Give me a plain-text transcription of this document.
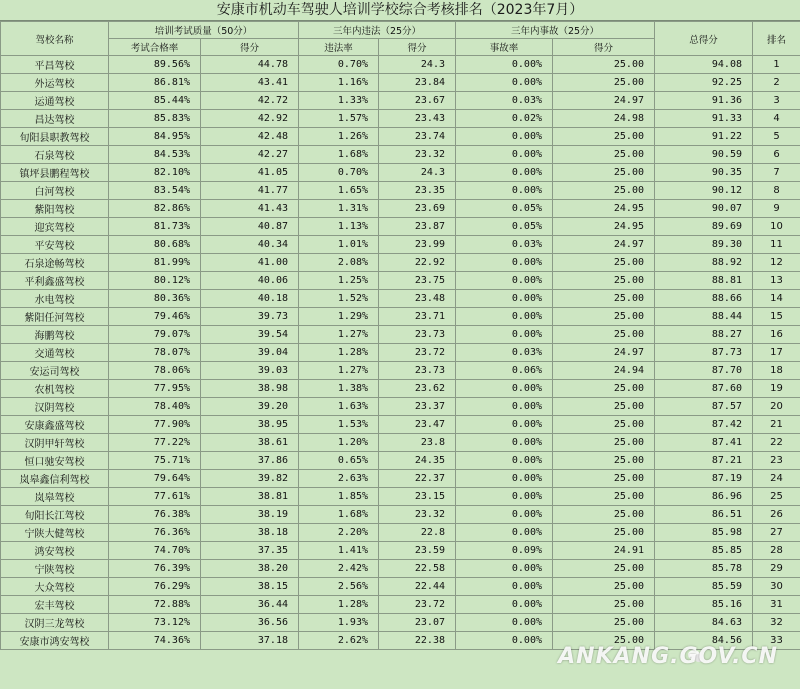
安康市机动车驾驶人培训学校综合考核排名（2023年7月）
驾校名称	培训考试质量（50分）		三年内违法（25分）		三年内事故（25分）		总得分	排名
	考试合格率	得分	违法率	得分	事故率	得分		
平昌驾校	89.56%	44.78	0.70%	24.3	0.00%	25.00	94.08	1
外运驾校	86.81%	43.41	1.16%	23.84	0.00%	25.00	92.25	2
运通驾校	85.44%	42.72	1.33%	23.67	0.03%	24.97	91.36	3
昌达驾校	85.83%	42.92	1.57%	23.43	0.02%	24.98	91.33	4
旬阳县职教驾校	84.95%	42.48	1.26%	23.74	0.00%	25.00	91.22	5
石泉驾校	84.53%	42.27	1.68%	23.32	0.00%	25.00	90.59	6
镇坪县鹏程驾校	82.10%	41.05	0.70%	24.3	0.00%	25.00	90.35	7
白河驾校	83.54%	41.77	1.65%	23.35	0.00%	25.00	90.12	8
紫阳驾校	82.86%	41.43	1.31%	23.69	0.05%	24.95	90.07	9
迎宾驾校	81.73%	40.87	1.13%	23.87	0.05%	24.95	89.69	10
平安驾校	80.68%	40.34	1.01%	23.99	0.03%	24.97	89.30	11
石泉途畅驾校	81.99%	41.00	2.08%	22.92	0.00%	25.00	88.92	12
平利鑫盛驾校	80.12%	40.06	1.25%	23.75	0.00%	25.00	88.81	13
水电驾校	80.36%	40.18	1.52%	23.48	0.00%	25.00	88.66	14
紫阳任河驾校	79.46%	39.73	1.29%	23.71	0.00%	25.00	88.44	15
海鹏驾校	79.07%	39.54	1.27%	23.73	0.00%	25.00	88.27	16
交通驾校	78.07%	39.04	1.28%	23.72	0.03%	24.97	87.73	17
安运司驾校	78.06%	39.03	1.27%	23.73	0.06%	24.94	87.70	18
农机驾校	77.95%	38.98	1.38%	23.62	0.00%	25.00	87.60	19
汉阴驾校	78.40%	39.20	1.63%	23.37	0.00%	25.00	87.57	20
安康鑫盛驾校	77.90%	38.95	1.53%	23.47	0.00%	25.00	87.42	21
汉阴甲轩驾校	77.22%	38.61	1.20%	23.8	0.00%	25.00	87.41	22
恒口驰安驾校	75.71%	37.86	0.65%	24.35	0.00%	25.00	87.21	23
岚皋鑫信利驾校	79.64%	39.82	2.63%	22.37	0.00%	25.00	87.19	24
岚皋驾校	77.61%	38.81	1.85%	23.15	0.00%	25.00	86.96	25
旬阳长江驾校	76.38%	38.19	1.68%	23.32	0.00%	25.00	86.51	26
宁陕大健驾校	76.36%	38.18	2.20%	22.8	0.00%	25.00	85.98	27
鸿安驾校	74.70%	37.35	1.41%	23.59	0.09%	24.91	85.85	28
宁陕驾校	76.39%	38.20	2.42%	22.58	0.00%	25.00	85.78	29
大众驾校	76.29%	38.15	2.56%	22.44	0.00%	25.00	85.59	30
宏丰驾校	72.88%	36.44	1.28%	23.72	0.00%	25.00	85.16	31
汉阴三龙驾校	73.12%	36.56	1.93%	23.07	0.00%	25.00	84.63	32
安康市鸿安驾校	74.36%	37.18	2.62%	22.38	0.00%	25.00	84.56	33
ANKANG.GOV.CN
